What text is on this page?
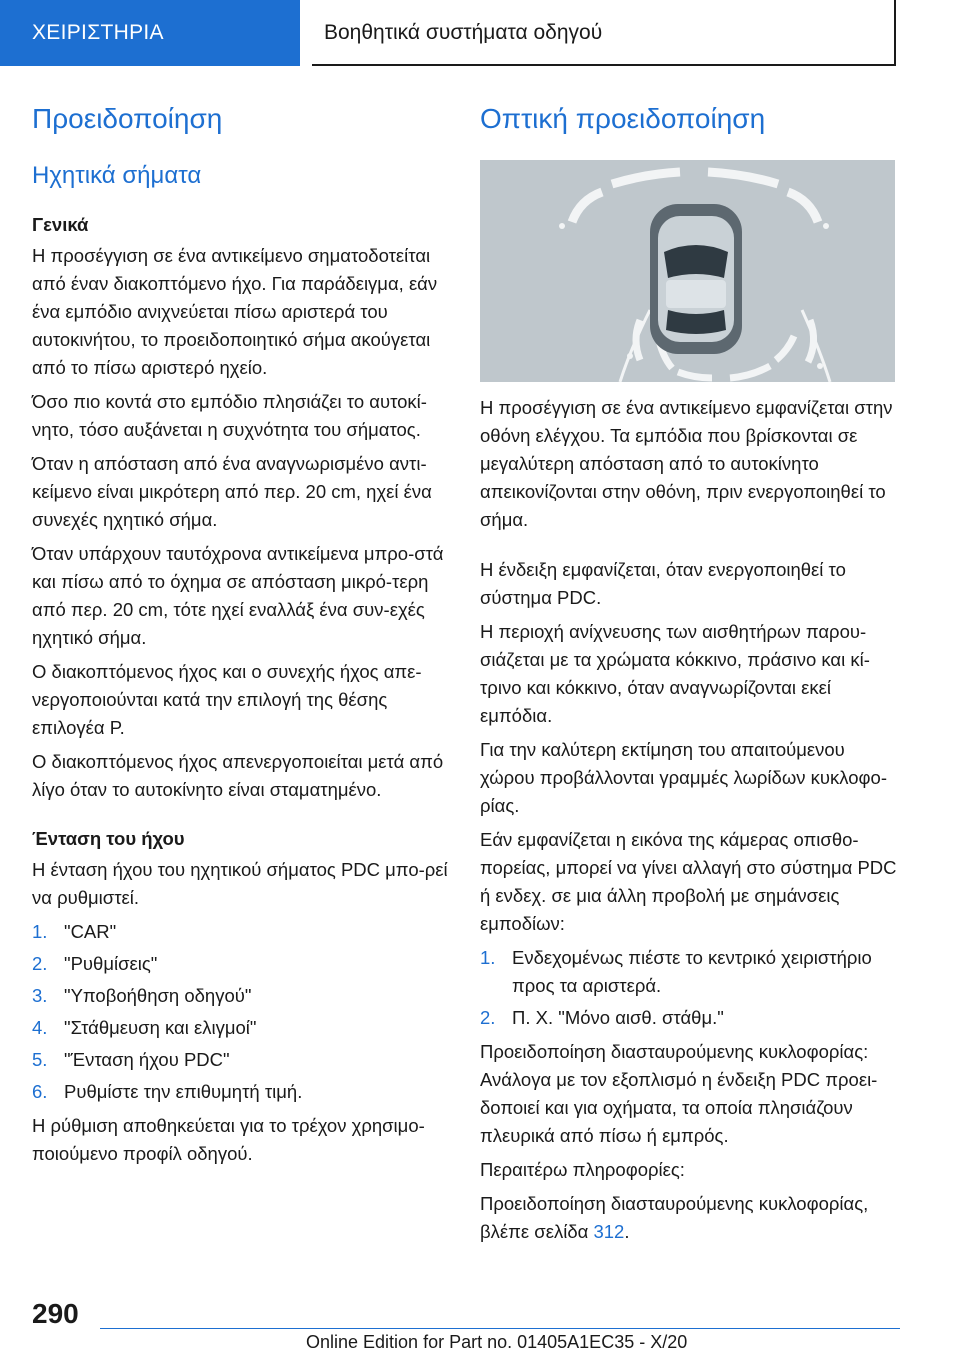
ΧΕΙΡΙΣΤΗΡΙΑ	Βοηθητικά συστήματα οδηγού
Προειδοποίηση
Ηχητικά σήματα
Γενικά

Η προσέγγιση σε ένα αντικείμενο σηματοδοτείται από έναν διακοπτόμενο ήχο. Για παράδειγμα, εάν ένα εμπόδιο ανιχνεύεται πίσω αριστερά του αυτοκινήτου, το προειδοποιητικό σήμα ακούγεται από το πίσω αριστερό ηχείο.

Όσο πιο κοντά στο εμπόδιο πλησιάζει το αυτοκί-νητο, τόσο αυξάνεται η συχνότητα του σήματος.

Όταν η απόσταση από ένα αναγνωρισμένο αντι-κείμενο είναι μικρότερη από περ. 20 cm, ηχεί ένα συνεχές ηχητικό σήμα.

Όταν υπάρχουν ταυτόχρονα αντικείμενα μπρο-στά και πίσω από το όχημα σε απόσταση μικρό-τερη από περ. 20 cm, τότε ηχεί εναλλάξ ένα συν-εχές ηχητικό σήμα.

Ο διακοπτόμενος ήχος και ο συνεχής ήχος απε-νεργοποιούνται κατά την επιλογή της θέσης επιλογέα P.

Ο διακοπτόμενος ήχος απενεργοποιείται μετά από λίγο όταν το αυτοκίνητο είναι σταματημένο.

Ένταση του ήχου

Η ένταση ήχου του ηχητικού σήματος PDC μπο-ρεί να ρυθμιστεί.

1. "CAR"
2. "Ρυθμίσεις"
3. "Υποβοήθηση οδηγού"
4. "Στάθμευση και ελιγμοί"
5. "Ένταση ήχου PDC"
6. Ρυθμίστε την επιθυμητή τιμή.

Η ρύθμιση αποθηκεύεται για το τρέχον χρησιμο-ποιούμενο προφίλ οδηγού.

Οπτική προειδοποίηση

Η προσέγγιση σε ένα αντικείμενο εμφανίζεται στην οθόνη ελέγχου. Τα εμπόδια που βρίσκονται σε μεγαλύτερη απόσταση από το αυτοκίνητο απεικονίζονται στην οθόνη, πριν ενεργοποιηθεί το σήμα.

Η ένδειξη εμφανίζεται, όταν ενεργοποιηθεί το σύστημα PDC.

Η περιοχή ανίχνευσης των αισθητήρων παρου-σιάζεται με τα χρώματα κόκκινο, πράσινο και κί-τρινο και κόκκινο, όταν αναγνωρίζονται εκεί εμπόδια.

Για την καλύτερη εκτίμηση του απαιτούμενου χώρου προβάλλονται γραμμές λωρίδων κυκλοφο-ρίας.

Εάν εμφανίζεται η εικόνα της κάμερας οπισθο-πορείας, μπορεί να γίνει αλλαγή στο σύστημα PDC ή ενδεχ. σε μια άλλη προβολή με σημάνσεις εμποδίων:

1. Ενδεχομένως πιέστε το κεντρικό χειριστήριο προς τα αριστερά.
2. Π. Χ. "Μόνο αισθ. στάθμ."

Προειδοποίηση διασταυρούμενης κυκλοφορίας: Ανάλογα με τον εξοπλισμό η ένδειξη PDC προει-δοποιεί και για οχήματα, τα οποία πλησιάζουν πλευρικά από πίσω ή εμπρός.

Περαιτέρω πληροφορίες:

Προειδοποίηση διασταυρούμενης κυκλοφορίας, βλέπε σελίδα 312.

290
Online Edition for Part no. 01405A1EC35 - X/20
